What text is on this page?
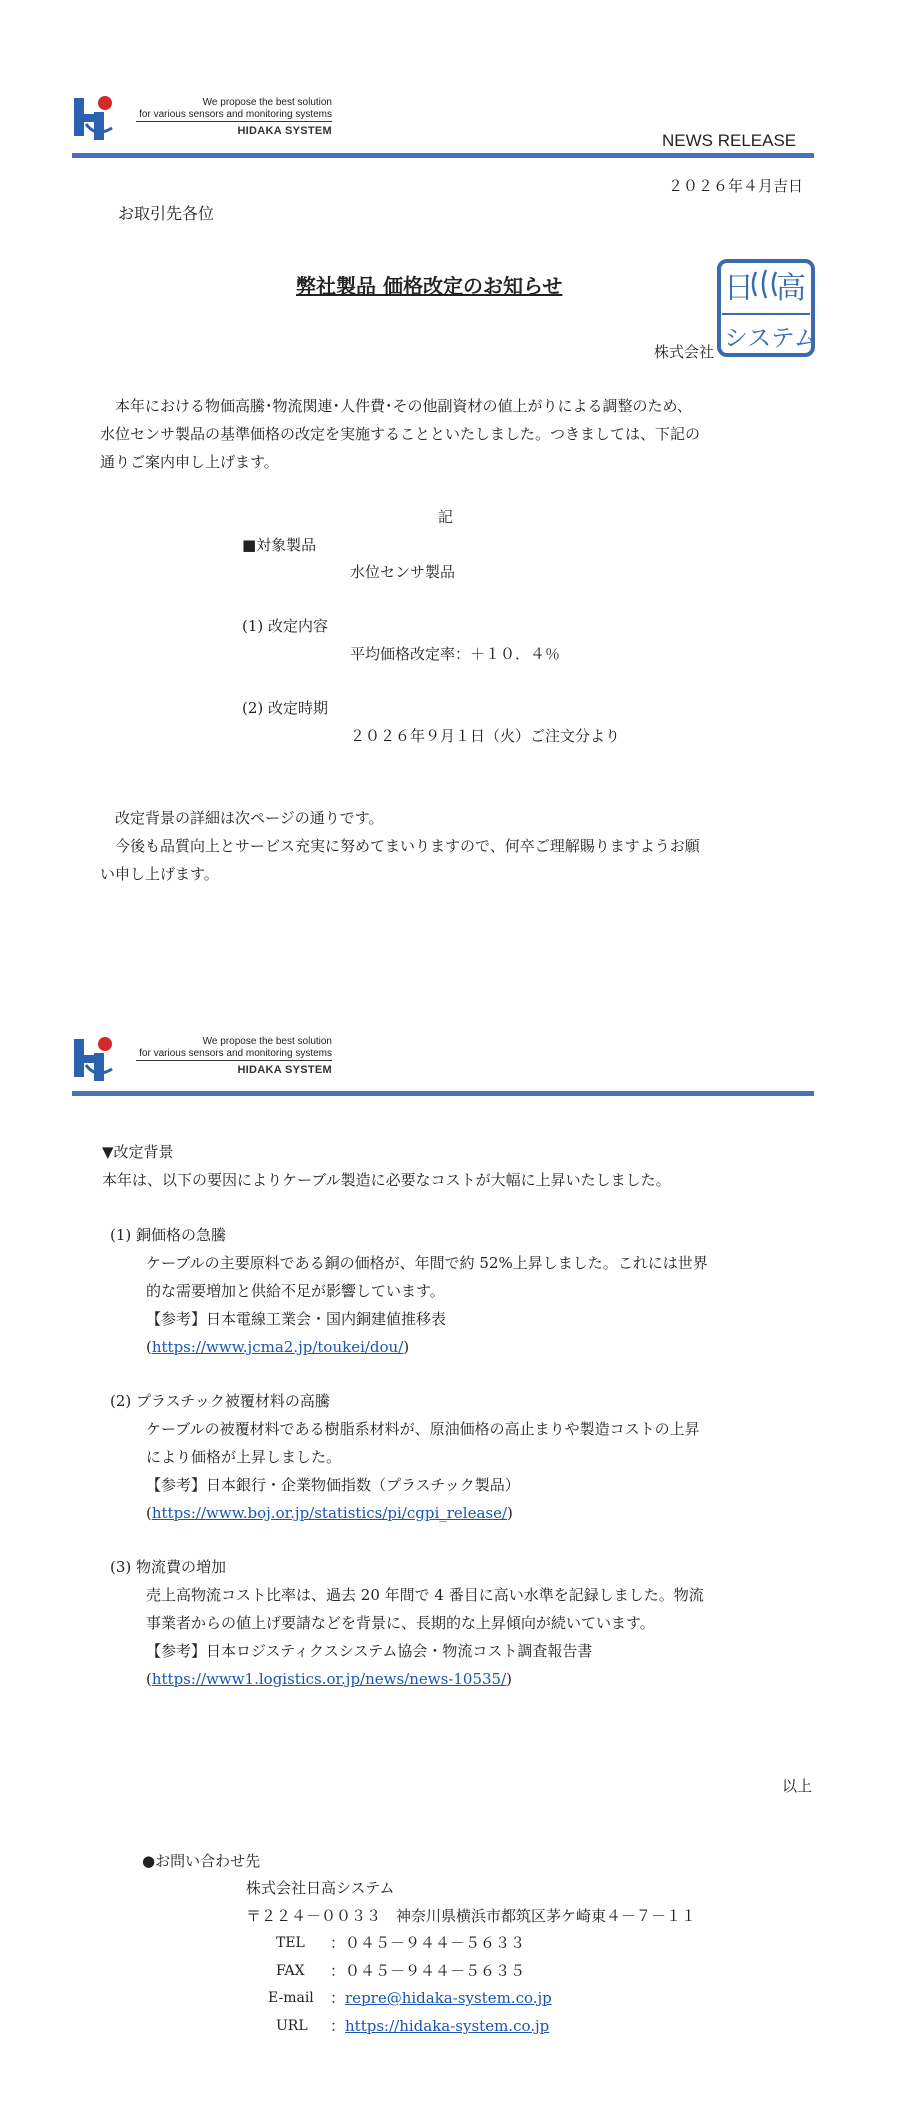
We propose the best solution
for various sensors and monitoring systems
HIDAKA SYSTEM	NEWS RELEASE
２０２６年４月吉日
お取引先各位
弊社製品 価格改定のお知らせ
株式会社
日 高
システム
　本年における物価高騰･物流関連･人件費･その他副資材の値上がりによる調整のため、
水位センサ製品の基準価格の改定を実施することといたしました。つきましては、下記の
通りご案内申し上げます。
記
■対象製品
水位センサ製品
(1) 改定内容
平均価格改定率：＋１０．４％
(2) 改定時期
２０２６年９月１日（火）ご注文分より
　改定背景の詳細は次ページの通りです。
　今後も品質向上とサービス充実に努めてまいりますので、何卒ご理解賜りますようお願
い申し上げます。
We propose the best solution
for various sensors and monitoring systems
HIDAKA SYSTEM
▼改定背景
本年は、以下の要因によりケーブル製造に必要なコストが大幅に上昇いたしました。
(1) 銅価格の急騰
ケーブルの主要原料である銅の価格が、年間で約 52%上昇しました。これには世界
的な需要増加と供給不足が影響しています。
【参考】日本電線工業会・国内銅建値推移表
(https://www.jcma2.jp/toukei/dou/)
(2) プラスチック被覆材料の高騰
ケーブルの被覆材料である樹脂系材料が、原油価格の高止まりや製造コストの上昇
により価格が上昇しました。
【参考】日本銀行・企業物価指数（プラスチック製品）
(https://www.boj.or.jp/statistics/pi/cgpi_release/)
(3) 物流費の増加
売上高物流コスト比率は、過去 20 年間で 4 番目に高い水準を記録しました。物流
事業者からの値上げ要請などを背景に、長期的な上昇傾向が続いています。
【参考】日本ロジスティクスシステム協会・物流コスト調査報告書
(https://www1.logistics.or.jp/news/news-10535/)
以上
●お問い合わせ先
株式会社日高システム
〒２２４－００３３　神奈川県横浜市都筑区茅ケ崎東４－７－１１
TEL ：０４５－９４４－５６３３
FAX ：０４５－９４４－５６３５
E-mail ：repre@hidaka-system.co.jp
URL ：https://hidaka-system.co.jp
